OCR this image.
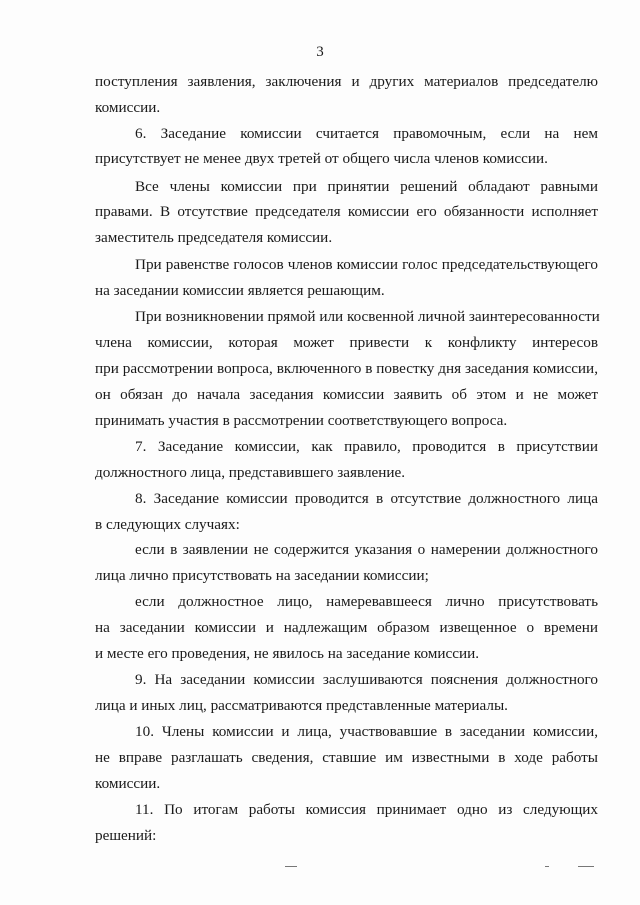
3
поступления заявления, заключения и других материалов председателю
комиссии.
6. Заседание комиссии считается правомочным, если на нем
присутствует не менее двух третей от общего числа членов комиссии.
Все члены комиссии при принятии решений обладают равными
правами. В отсутствие председателя комиссии его обязанности исполняет
заместитель председателя комиссии.
При равенстве голосов членов комиссии голос председательствующего
на заседании комиссии является решающим.
При возникновении прямой или косвенной личной заинтересованности
члена комиссии, которая может привести к конфликту интересов
при рассмотрении вопроса, включенного в повестку дня заседания комиссии,
он обязан до начала заседания комиссии заявить об этом и не может
принимать участия в рассмотрении соответствующего вопроса.
7. Заседание комиссии, как правило, проводится в присутствии
должностного лица, представившего заявление.
8. Заседание комиссии проводится в отсутствие должностного лица
в следующих случаях:
если в заявлении не содержится указания о намерении должностного
лица лично присутствовать на заседании комиссии;
если должностное лицо, намеревавшееся лично присутствовать
на заседании комиссии и надлежащим образом извещенное о времени
и месте его проведения, не явилось на заседание комиссии.
9. На заседании комиссии заслушиваются пояснения должностного
лица и иных лиц, рассматриваются представленные материалы.
10. Члены комиссии и лица, участвовавшие в заседании комиссии,
не вправе разглашать сведения, ставшие им известными в ходе работы
комиссии.
11. По итогам работы комиссия принимает одно из следующих
решений:
